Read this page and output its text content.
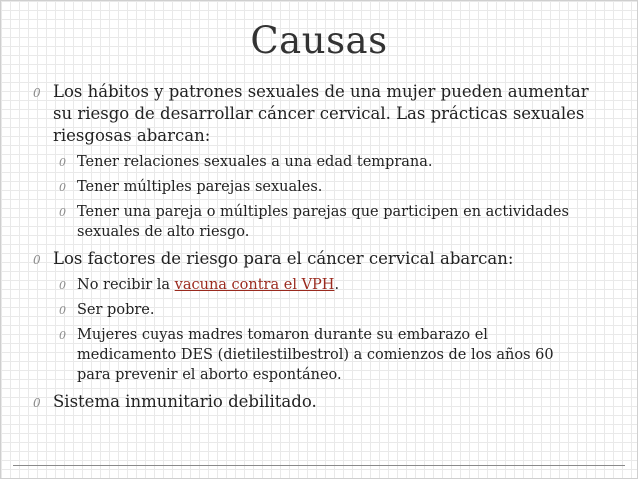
Causas
0 Los hábitos y patrones sexuales de una mujer pueden aumentar su riesgo de desarrollar cáncer cervical. Las prácticas sexuales riesgosas abarcan:
0 Tener relaciones sexuales a una edad temprana.
0 Tener múltiples parejas sexuales.
0 Tener una pareja o múltiples parejas que participen en actividades sexuales de alto riesgo.
0 Los factores de riesgo para el cáncer cervical abarcan:
0 No recibir la vacuna contra el VPH.
0 Ser pobre.
0 Mujeres cuyas madres tomaron durante su embarazo el medicamento DES (dietilestilbestrol) a comienzos de los años 60 para prevenir el aborto espontáneo.
0 Sistema inmunitario debilitado.
